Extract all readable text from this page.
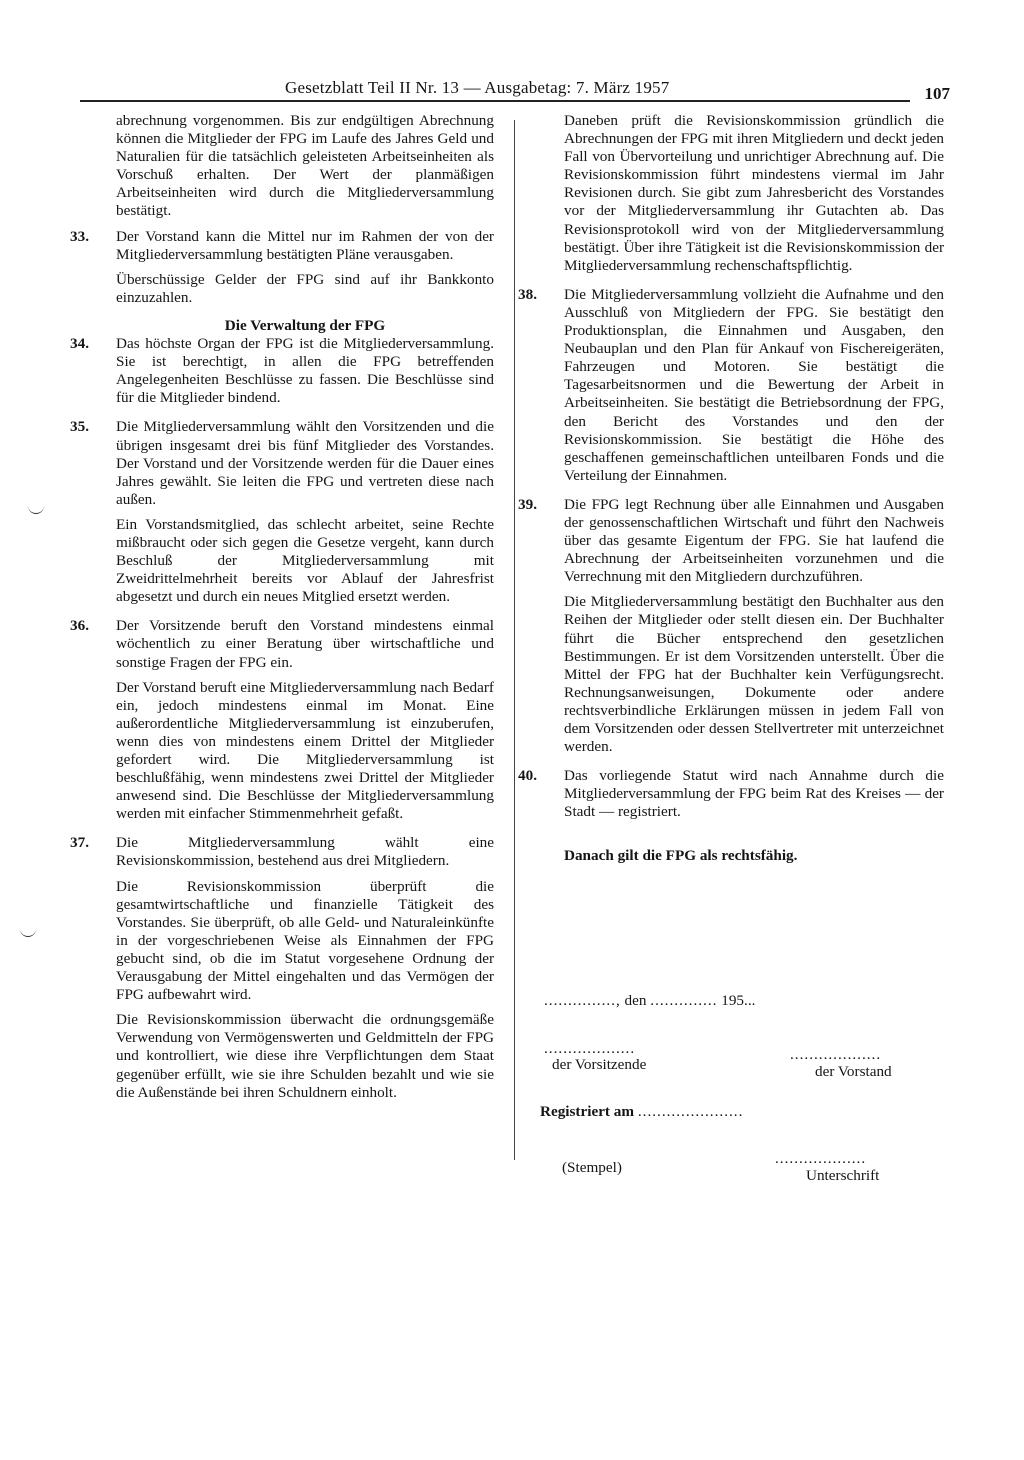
Gesetzblatt Teil II Nr. 13 — Ausgabetag: 7. März 1957	107

abrechnung vorgenommen. Bis zur endgültigen Abrechnung können die Mitglieder der FPG im Laufe des Jahres Geld und Naturalien für die tatsächlich geleisteten Arbeitseinheiten als Vorschuß erhalten. Der Wert der planmäßigen Arbeitseinheiten wird durch die Mitgliederversammlung bestätigt.

33. Der Vorstand kann die Mittel nur im Rahmen der von der Mitgliederversammlung bestätigten Pläne verausgaben.

Überschüssige Gelder der FPG sind auf ihr Bankkonto einzuzahlen.

Die Verwaltung der FPG

34. Das höchste Organ der FPG ist die Mitgliederversammlung. Sie ist berechtigt, in allen die FPG betreffenden Angelegenheiten Beschlüsse zu fassen. Die Beschlüsse sind für die Mitglieder bindend.

35. Die Mitgliederversammlung wählt den Vorsitzenden und die übrigen insgesamt drei bis fünf Mitglieder des Vorstandes. Der Vorstand und der Vorsitzende werden für die Dauer eines Jahres gewählt. Sie leiten die FPG und vertreten diese nach außen.

Ein Vorstandsmitglied, das schlecht arbeitet, seine Rechte mißbraucht oder sich gegen die Gesetze vergeht, kann durch Beschluß der Mitgliederversammlung mit Zweidrittelmehrheit bereits vor Ablauf der Jahresfrist abgesetzt und durch ein neues Mitglied ersetzt werden.

36. Der Vorsitzende beruft den Vorstand mindestens einmal wöchentlich zu einer Beratung über wirtschaftliche und sonstige Fragen der FPG ein.

Der Vorstand beruft eine Mitgliederversammlung nach Bedarf ein, jedoch mindestens einmal im Monat. Eine außerordentliche Mitgliederversammlung ist einzuberufen, wenn dies von mindestens einem Drittel der Mitglieder gefordert wird. Die Mitgliederversammlung ist beschlußfähig, wenn mindestens zwei Drittel der Mitglieder anwesend sind. Die Beschlüsse der Mitgliederversammlung werden mit einfacher Stimmenmehrheit gefaßt.

37. Die Mitgliederversammlung wählt eine Revisionskommission, bestehend aus drei Mitgliedern.

Die Revisionskommission überprüft die gesamtwirtschaftliche und finanzielle Tätigkeit des Vorstandes. Sie überprüft, ob alle Geld- und Naturaleinkünfte in der vorgeschriebenen Weise als Einnahmen der FPG gebucht sind, ob die im Statut vorgesehene Ordnung der Verausgabung der Mittel eingehalten und das Vermögen der FPG aufbewahrt wird.

Die Revisionskommission überwacht die ordnungsgemäße Verwendung von Vermögenswerten und Geldmitteln der FPG und kontrolliert, wie diese ihre Verpflichtungen dem Staat gegenüber erfüllt, wie sie ihre Schulden bezahlt und wie sie die Außenstände bei ihren Schuldnern einholt.

Daneben prüft die Revisionskommission gründlich die Abrechnungen der FPG mit ihren Mitgliedern und deckt jeden Fall von Übervorteilung und unrichtiger Abrechnung auf. Die Revisionskommission führt mindestens viermal im Jahr Revisionen durch. Sie gibt zum Jahresbericht des Vorstandes vor der Mitgliederversammlung ihr Gutachten ab. Das Revisionsprotokoll wird von der Mitgliederversammlung bestätigt. Über ihre Tätigkeit ist die Revisionskommission der Mitgliederversammlung rechenschaftspflichtig.

38. Die Mitgliederversammlung vollzieht die Aufnahme und den Ausschluß von Mitgliedern der FPG. Sie bestätigt den Produktionsplan, die Einnahmen und Ausgaben, den Neubauplan und den Plan für Ankauf von Fischereigeräten, Fahrzeugen und Motoren. Sie bestätigt die Tagesarbeitsnormen und die Bewertung der Arbeit in Arbeitseinheiten. Sie bestätigt die Betriebsordnung der FPG, den Bericht des Vorstandes und den der Revisionskommission. Sie bestätigt die Höhe des geschaffenen gemeinschaftlichen unteilbaren Fonds und die Verteilung der Einnahmen.

39. Die FPG legt Rechnung über alle Einnahmen und Ausgaben der genossenschaftlichen Wirtschaft und führt den Nachweis über das gesamte Eigentum der FPG. Sie hat laufend die Abrechnung der Arbeitseinheiten vorzunehmen und die Verrechnung mit den Mitgliedern durchzuführen.

Die Mitgliederversammlung bestätigt den Buchhalter aus den Reihen der Mitglieder oder stellt diesen ein. Der Buchhalter führt die Bücher entsprechend den gesetzlichen Bestimmungen. Er ist dem Vorsitzenden unterstellt. Über die Mittel der FPG hat der Buchhalter kein Verfügungsrecht. Rechnungsanweisungen, Dokumente oder andere rechtsverbindliche Erklärungen müssen in jedem Fall von dem Vorsitzenden oder dessen Stellvertreter mit unterzeichnet werden.

40. Das vorliegende Statut wird nach Annahme durch die Mitgliederversammlung der FPG beim Rat des Kreises — der Stadt — registriert.

Danach gilt die FPG als rechtsfähig.

..............., den .............. 195...
...................
der Vorsitzende
...................
der Vorstand
Registriert am ......................
(Stempel)
...................
Unterschrift
